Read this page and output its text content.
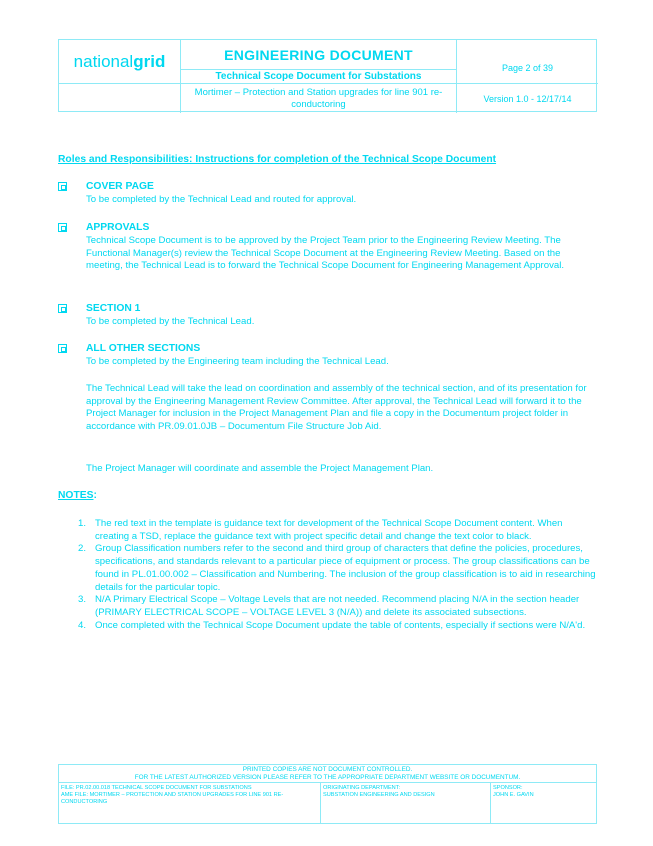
national grid	ENGINEERING DOCUMENT
Technical Scope Document for Substations
Mortimer – Protection and Station upgrades for line 901 re-conductoring
Page 2 of 39
Version 1.0 - 12/17/14
Roles and Responsibilities: Instructions for completion of the Technical Scope Document
COVER PAGE
To be completed by the Technical Lead and routed for approval.
APPROVALS
Technical Scope Document is to be approved by the Project Team prior to the Engineering Review Meeting. The Functional Manager(s) review the Technical Scope Document at the Engineering Review Meeting. Based on the meeting, the Technical Lead is to forward the Technical Scope Document for Engineering Management Approval.
SECTION 1
To be completed by the Technical Lead.
ALL OTHER SECTIONS
To be completed by the Engineering team including the Technical Lead.
The Technical Lead will take the lead on coordination and assembly of the technical section, and of its presentation for approval by the Engineering Management Review Committee. After approval, the Technical Lead will forward it to the Project Manager for inclusion in the Project Management Plan and file a copy in the Documentum project folder in accordance with PR.09.01.0JB – Documentum File Structure Job Aid.
The Project Manager will coordinate and assemble the Project Management Plan.
NOTES:
1. The red text in the template is guidance text for development of the Technical Scope Document content. When creating a TSD, replace the guidance text with project specific detail and change the text color to black.
2. Group Classification numbers refer to the second and third group of characters that define the policies, procedures, specifications, and standards relevant to a particular piece of equipment or process. The group classifications can be found in PL.01.00.002 – Classification and Numbering. The inclusion of the group classification is to aid in researching details for the particular topic.
3. N/A Primary Electrical Scope – Voltage Levels that are not needed. Recommend placing N/A in the section header (PRIMARY ELECTRICAL SCOPE – VOLTAGE LEVEL 3 (N/A)) and delete its associated subsections.
4. Once completed with the Technical Scope Document update the table of contents, especially if sections were N/A'd.
PRINTED COPIES ARE NOT DOCUMENT CONTROLLED.
FOR THE LATEST AUTHORIZED VERSION PLEASE REFER TO THE APPROPRIATE DEPARTMENT WEBSITE OR DOCUMENTUM.
FILE: PR.02.00.018 TECHNICAL SCOPE DOCUMENT FOR SUBSTATIONS
AME FILE: MORTIMER – PROTECTION AND STATION UPGRADES FOR LINE 901 RE-CONDUCTORING
ORIGINATING DEPARTMENT:
SUBSTATION ENGINEERING AND DESIGN
SPONSOR:
JOHN E. GAVIN
